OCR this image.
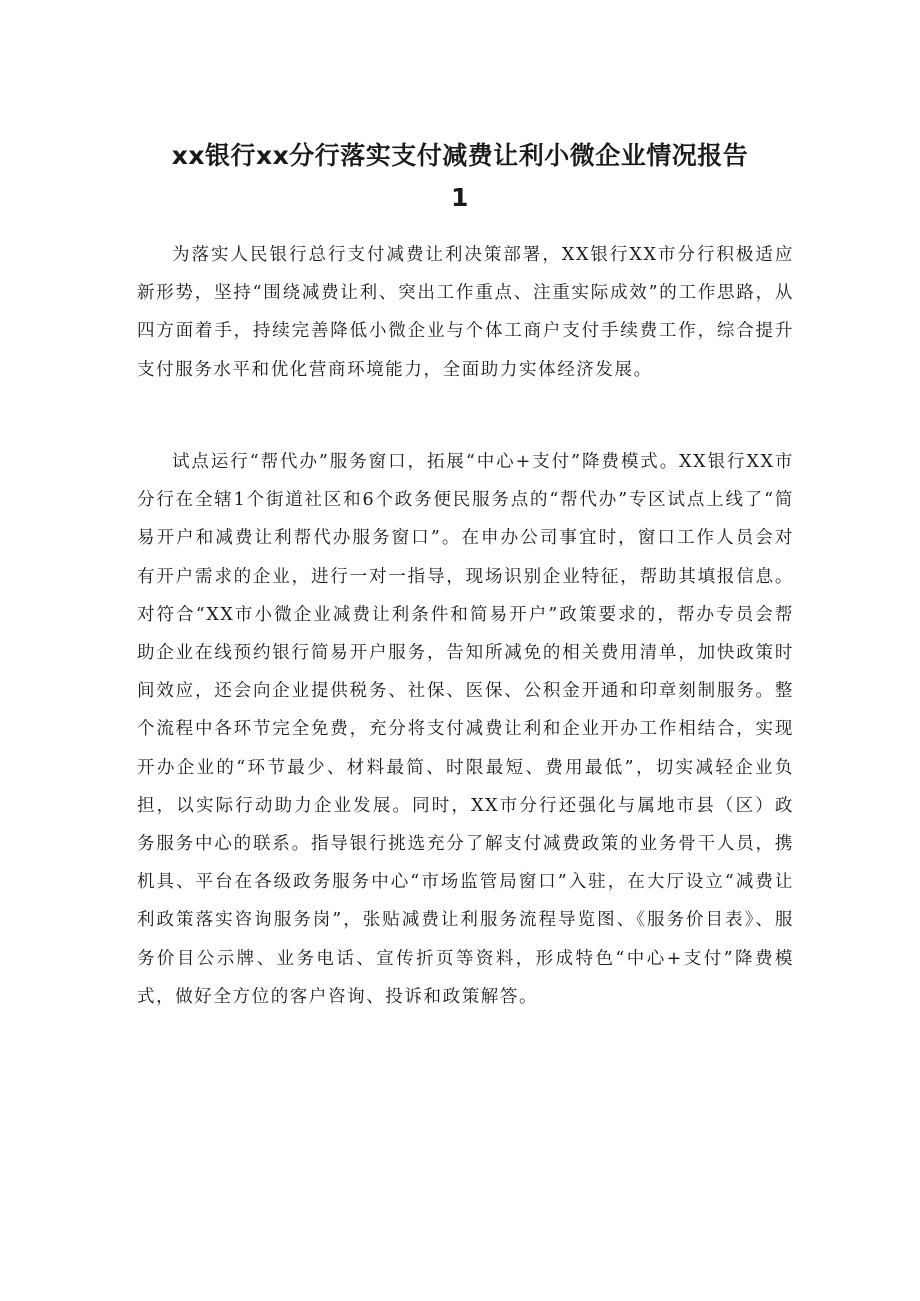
xx银行xx分行落实支付减费让利小微企业情况报告
1

为落实人民银行总行支付减费让利决策部署，XX银行XX市分行积极适应新形势，坚持“围绕减费让利、突出工作重点、注重实际成效”的工作思路，从四方面着手，持续完善降低小微企业与个体工商户支付手续费工作，综合提升支付服务水平和优化营商环境能力，全面助力实体经济发展。

试点运行“帮代办”服务窗口，拓展“中心+支付”降费模式。XX银行XX市分行在全辖1个街道社区和6个政务便民服务点的“帮代办”专区试点上线了“简易开户和减费让利帮代办服务窗口”。在申办公司事宜时，窗口工作人员会对有开户需求的企业，进行一对一指导，现场识别企业特征，帮助其填报信息。对符合“XX市小微企业减费让利条件和简易开户”政策要求的，帮办专员会帮助企业在线预约银行简易开户服务，告知所减免的相关费用清单，加快政策时间效应，还会向企业提供税务、社保、医保、公积金开通和印章刻制服务。整个流程中各环节完全免费，充分将支付减费让利和企业开办工作相结合，实现开办企业的“环节最少、材料最简、时限最短、费用最低”，切实减轻企业负担，以实际行动助力企业发展。同时，XX市分行还强化与属地市县（区）政务服务中心的联系。指导银行挑选充分了解支付减费政策的业务骨干人员，携机具、平台在各级政务服务中心“市场监管局窗口”入驻，在大厅设立“减费让利政策落实咨询服务岗”，张贴减费让利服务流程导览图、《服务价目表》、服务价目公示牌、业务电话、宣传折页等资料，形成特色“中心+支付”降费模式，做好全方位的客户咨询、投诉和政策解答。
